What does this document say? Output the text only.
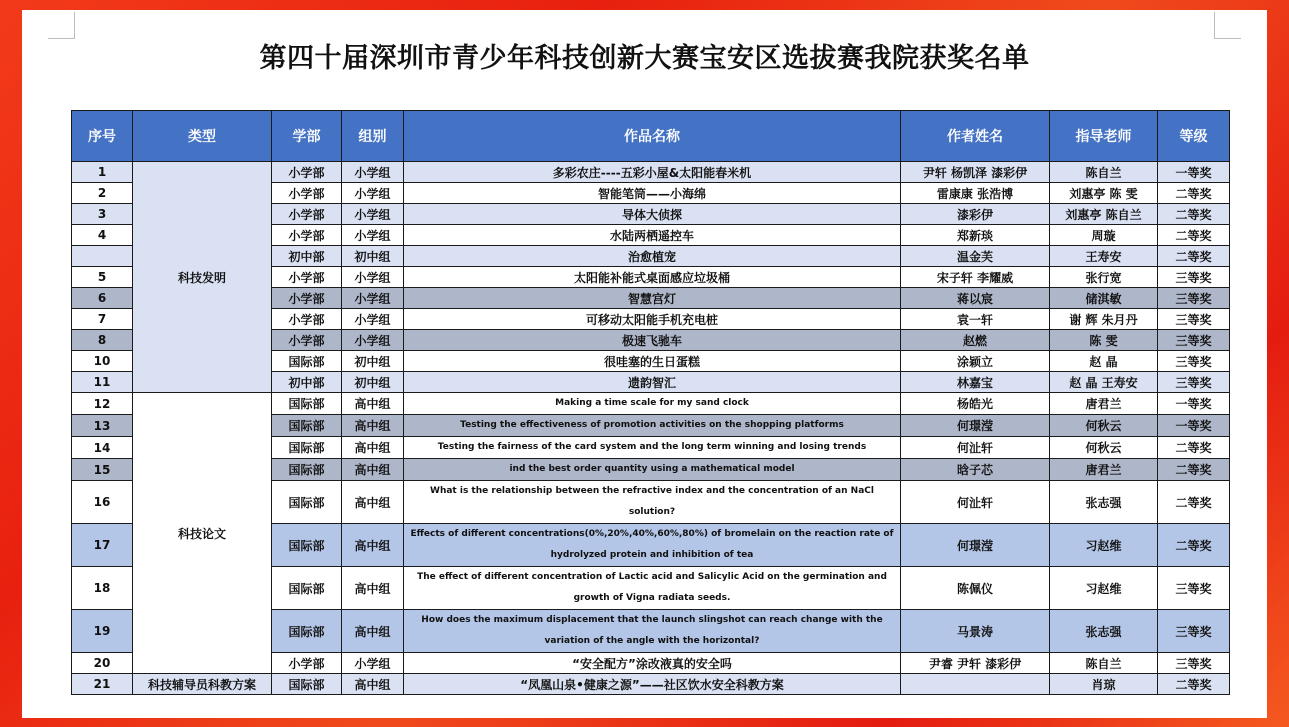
第四十届深圳市青少年科技创新大赛宝安区选拔赛我院获奖名单
序号	类型	学部	组别	作品名称	作者姓名	指导老师	等级
1	科技发明	小学部	小学组	多彩农庄----五彩小屋&太阳能春米机	尹轩 杨凯泽 漆彩伊	陈自兰	一等奖
2		小学部	小学组	智能笔筒——小海绵	雷康康 张浩博	刘惠亭 陈 雯	二等奖
3		小学部	小学组	导体大侦探	漆彩伊	刘惠亭 陈自兰	二等奖
4		小学部	小学组	水陆两栖遥控车	郑新琰	周璇	二等奖
		初中部	初中组	治愈植宠	温金芙	王寿安	二等奖
5		小学部	小学组	太阳能补能式桌面感应垃圾桶	宋子轩 李耀威	张行宽	三等奖
6		小学部	小学组	智慧宫灯	蒋以宸	储淇敏	三等奖
7		小学部	小学组	可移动太阳能手机充电桩	袁一轩	谢 辉 朱月丹	三等奖
8		小学部	小学组	极速飞驰车	赵燃	陈 雯	三等奖
10		国际部	初中组	很哇塞的生日蛋糕	涂颖立	赵 晶	三等奖
11		初中部	初中组	遗韵智汇	林嘉宝	赵 晶 王寿安	三等奖
12	科技论文	国际部	高中组	Making a time scale for my sand clock	杨皓光	唐君兰	一等奖
13		国际部	高中组	Testing the effectiveness of promotion activities on the shopping platforms	何璟滢	何秋云	一等奖
14		国际部	高中组	Testing the fairness of the card system and the long term winning and losing trends	何沚轩	何秋云	二等奖
15		国际部	高中组	ind the best order quantity using a mathematical model	晗子芯	唐君兰	二等奖
16		国际部	高中组	What is the relationship between the refractive index and the concentration of an NaCl solution?	何沚轩	张志强	二等奖
17		国际部	高中组	Effects of different concentrations(0%,20%,40%,60%,80%) of bromelain on the reaction rate of hydrolyzed protein and inhibition of tea	何璟滢	习赵维	二等奖
18		国际部	高中组	The effect of different concentration of Lactic acid and Salicylic Acid on the germination and growth of Vigna radiata seeds.	陈佩仪	习赵维	三等奖
19		国际部	高中组	How does the maximum displacement that the launch slingshot can reach change with the variation of the angle with the horizontal?	马景涛	张志强	三等奖
20		小学部	小学组	“安全配方”涂改液真的安全吗	尹睿 尹轩 漆彩伊	陈自兰	三等奖
21	科技辅导员科教方案	国际部	高中组	“凤凰山泉•健康之源”——社区饮水安全科教方案		肖琼	二等奖
